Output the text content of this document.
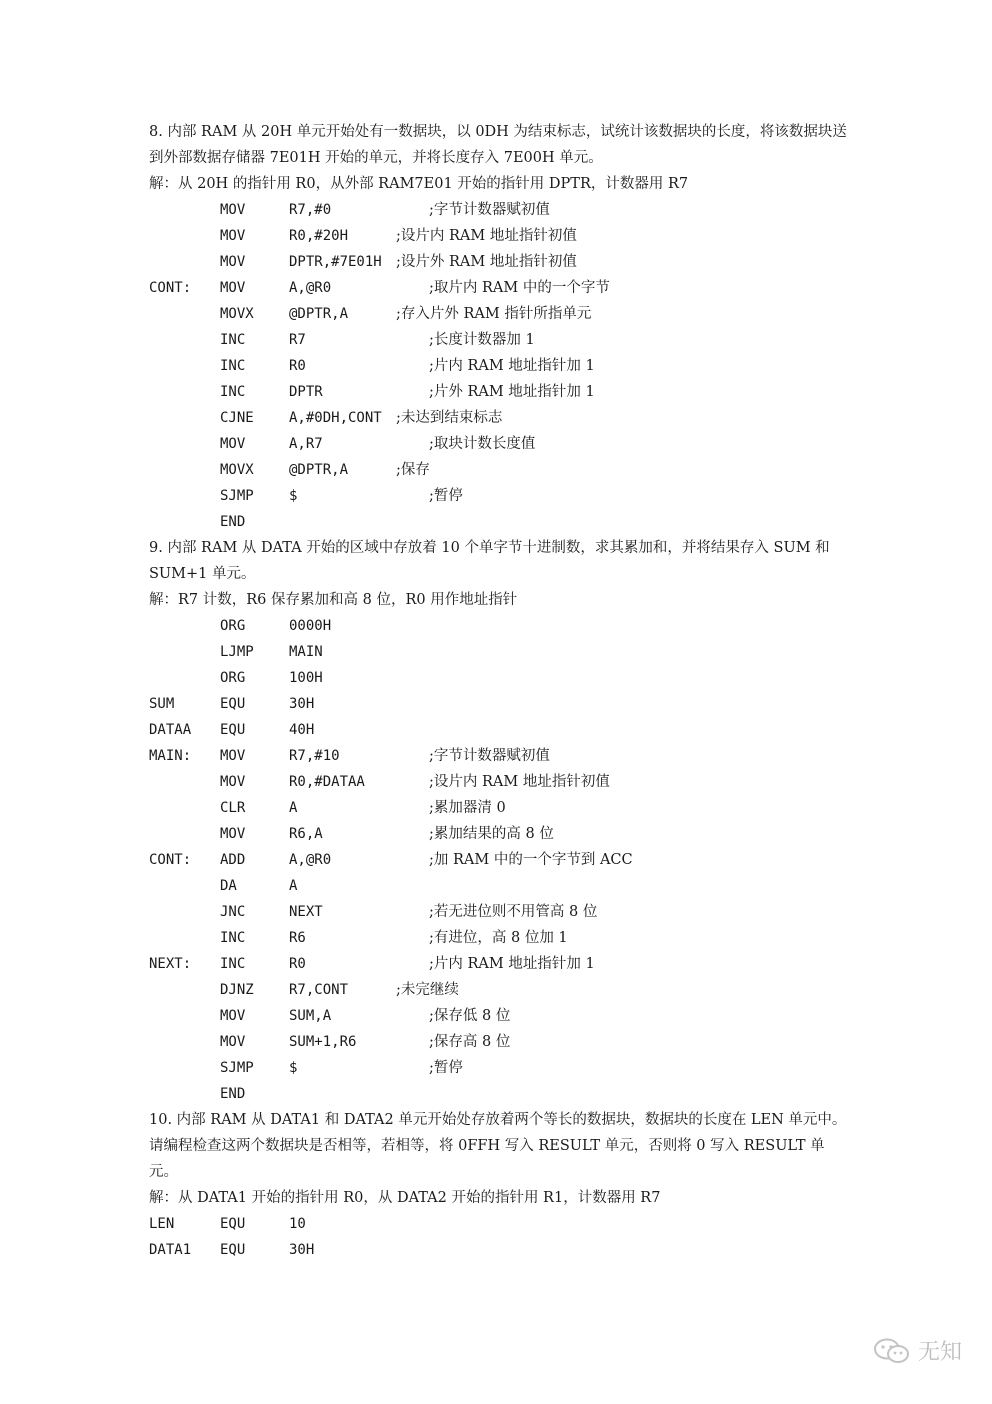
8. 内部 RAM 从 20H 单元开始处有一数据块，以 0DH 为结束标志，试统计该数据块的长度，将该数据块送到外部数据存储器 7E01H 开始的单元，并将长度存入 7E00H 单元。

解：从 20H 的指针用 R0，从外部 RAM7E01 开始的指针用 DPTR，计数器用 R7

MOV	R7,#0	;字节计数器赋初值
MOV	R0,#20H	;设片内 RAM 地址指针初值
MOV	DPTR,#7E01H ;设片外 RAM 地址指针初值
CONT: MOV	A,@R0	;取片内 RAM 中的一个字节
MOVX	@DPTR,A	;存入片外 RAM 指针所指单元
INC	R7	;长度计数器加 1
INC	R0	;片内 RAM 地址指针加 1
INC	DPTR	;片外 RAM 地址指针加 1
CJNE	A,#0DH,CONT ;未达到结束标志
MOV	A,R7	;取块计数长度值
MOVX	@DPTR,A	;保存
SJMP	$	;暂停
END

9. 内部 RAM 从 DATA 开始的区域中存放着 10 个单字节十进制数，求其累加和，并将结果存入 SUM 和 SUM+1 单元。

解：R7 计数，R6 保存累加和高 8 位，R0 用作地址指针

ORG	0000H
LJMP	MAIN
ORG	100H
SUM	EQU	30H
DATAA EQU	40H
MAIN: MOV	R7,#10	;字节计数器赋初值
MOV	R0,#DATAA	;设片内 RAM 地址指针初值
CLR	A	;累加器清 0
MOV	R6,A	;累加结果的高 8 位
CONT: ADD	A,@R0	;加 RAM 中的一个字节到 ACC
DA	A
JNC	NEXT	;若无进位则不用管高 8 位
INC	R6	;有进位，高 8 位加 1
NEXT: INC	R0	;片内 RAM 地址指针加 1
DJNZ	R7,CONT	;未完继续
MOV	SUM,A	;保存低 8 位
MOV	SUM+1,R6	;保存高 8 位
SJMP	$	;暂停
END

10. 内部 RAM 从 DATA1 和 DATA2 单元开始处存放着两个等长的数据块，数据块的长度在 LEN 单元中。请编程检查这两个数据块是否相等，若相等，将 0FFH 写入 RESULT 单元，否则将 0 写入 RESULT 单元。

解：从 DATA1 开始的指针用 R0，从 DATA2 开始的指针用 R1，计数器用 R7

LEN	EQU	10
DATA1 EQU	30H
无知
